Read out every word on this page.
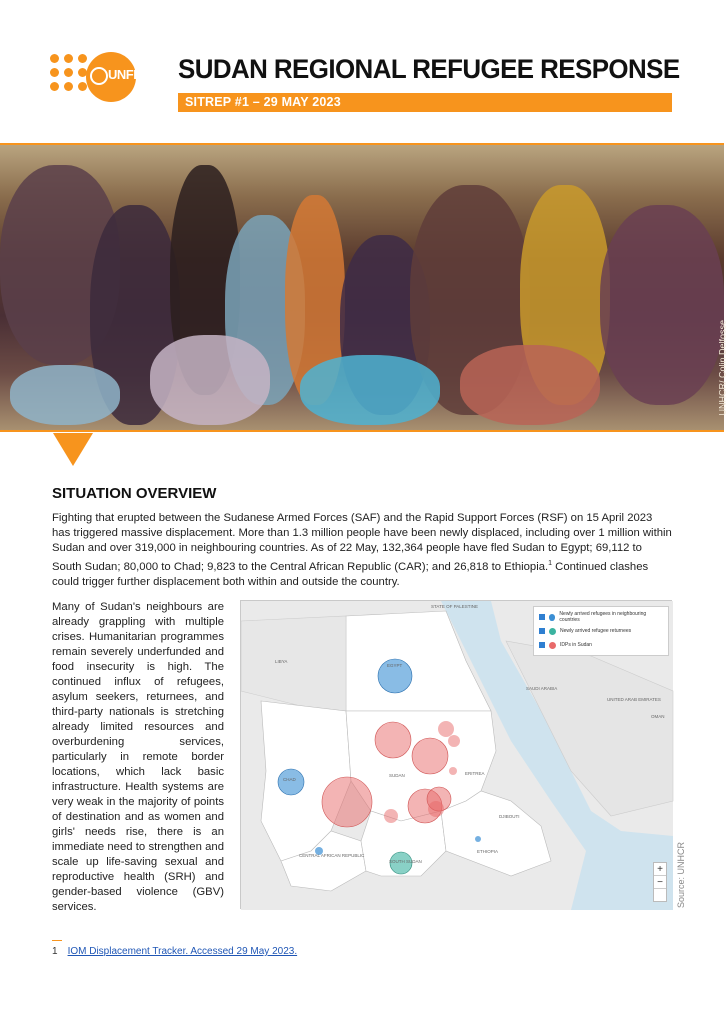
UNFPA SUDAN REGIONAL REFUGEE RESPONSE
SITREP #1 – 29 MAY 2023
UNHCR/ Colin Delfosse
SITUATION OVERVIEW

Fighting that erupted between the Sudanese Armed Forces (SAF) and the Rapid Support Forces (RSF) on 15 April 2023 has triggered massive displacement. More than 1.3 million people have been newly displaced, including over 1 million within Sudan and over 319,000 in neighbouring countries. As of 22 May, 132,364 people have fled Sudan to Egypt; 69,112 to South Sudan; 80,000 to Chad; 9,823 to the Central African Republic (CAR); and 26,818 to Ethiopia.$^1$ Continued clashes could trigger further displacement both within and outside the country.

Many of Sudan's neighbours are already grappling with multiple crises. Humanitarian programmes remain severely underfunded and food insecurity is high. The continued influx of refugees, asylum seekers, returnees, and third-party nationals is stretching already limited resources and overburdening services, particularly in remote border locations, which lack basic infrastructure. Health systems are very weak in the majority of points of destination and as women and girls' needs rise, there is an immediate need to strengthen and scale up life-saving sexual and reproductive health (SRH) and gender-based violence (GBV) services.

STATE OF PALESTINE
LIBYA
EGYPT
CHAD
SUDAN	ERITREA
SAUDI ARABIA
UNITED ARAB EMIRATES
OMAN
CENTRAL AFRICAN REPUBLIC
SOUTH SUDAN
ETHIOPIA
DJIBOUTI
Newly arrived refugees in neighbouring countries
Newly arrived refugee returnees
IDPs in Sudan
+
−	Source: UNHCR
1 IOM Displacement Tracker. Accessed 29 May 2023.
